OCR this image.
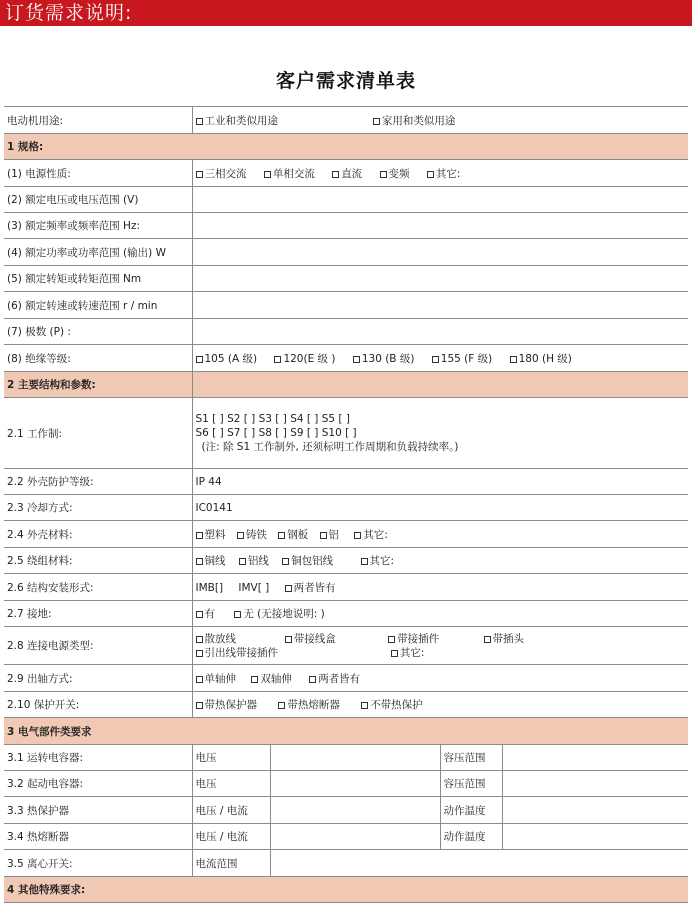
订货需求说明:
客户需求清单表
电动机用途:	工业和类似用途 家用和类似用途			
1 规格:				
(1) 电源性质:	三相交流 单相交流 直流 变频 其它:			
(2) 额定电压或电压范围 (V)				
(3) 额定频率或频率范围 Hz:				
(4) 额定功率或功率范围 (输出) W				
(5) 额定转矩或转矩范围 Nm				
(6) 额定转速或转速范围 r / min				
(7) 极数 (P) :				
(8) 绝缘等级:	105 (A 级) 120(E 级 ) 130 (B 级) 155 (F 级) 180 (H 级)			
2 主要结构和参数:				
2.1 工作制:	S1 [ ] S2 [ ] S3 [ ] S4 [ ] S5 [ ]
S6 [ ] S7 [ ] S8 [ ] S9 [ ] S10 [ ]
(注: 除 S1 工作制外, 还须标明工作周期和负载持续率。)			

2.2 外壳防护等级:	IP 44			
2.3 冷却方式:	IC0141			
2.4 外壳材料:	塑料 铸铁 钢板 铝 其它:			
2.5 绕组材料:	铜线 铝线 铜包铝线 其它:			
2.6 结构安装形式:	IMB[] IMV[ ] 两者皆有			
2.7 接地:	有 无 (无接地说明: )			
2.8 连接电源类型:	散放线 带接线盒 带接插件 带插头
引出线带接插件 其它:			

2.9 出轴方式:	单轴伸 双轴伸 两者皆有			
2.10 保护开关:	带热保护器 带热熔断器 不带热保护			
3 电气部件类要求				
3.1 运转电容器:	电压		容压范围	
3.2 起动电容器:	电压		容压范围	
3.3 热保护器	电压 / 电流		动作温度	
3.4 热熔断器	电压 / 电流		动作温度	
3.5 离心开关:	电流范围			
4 其他特殊要求:				
